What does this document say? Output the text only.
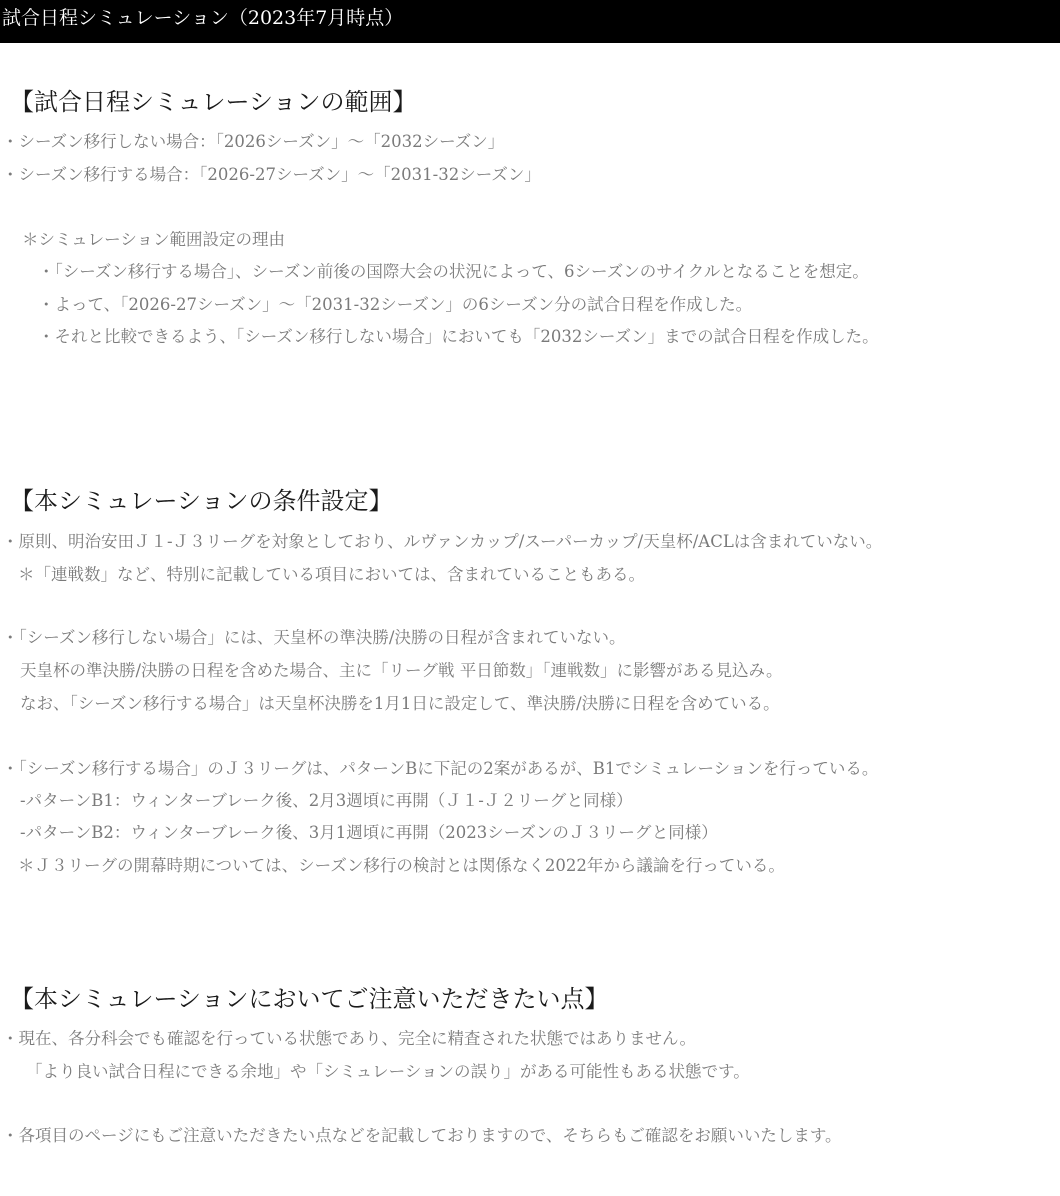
試合日程シミュレーション（2023年7月時点）
【試合日程シミュレーションの範囲】
・シーズン移行しない場合：「2026シーズン」～「2032シーズン」
・シーズン移行する場合：「2026-27シーズン」～「2031-32シーズン」
＊シミュレーション範囲設定の理由
・「シーズン移行する場合」、シーズン前後の国際大会の状況によって、6シーズンのサイクルとなることを想定。
・よって、「2026-27シーズン」～「2031-32シーズン」の6シーズン分の試合日程を作成した。
・それと比較できるよう、「シーズン移行しない場合」においても「2032シーズン」までの試合日程を作成した。
【本シミュレーションの条件設定】
・原則、明治安田Ｊ１-Ｊ３リーグを対象としており、ルヴァンカップ/スーパーカップ/天皇杯/ACLは含まれていない。
＊「連戦数」など、特別に記載している項目においては、含まれていることもある。
・「シーズン移行しない場合」には、天皇杯の準決勝/決勝の日程が含まれていない。
天皇杯の準決勝/決勝の日程を含めた場合、主に「リーグ戦 平日節数」「連戦数」に影響がある見込み。
なお、「シーズン移行する場合」は天皇杯決勝を1月1日に設定して、準決勝/決勝に日程を含めている。
・「シーズン移行する場合」のＪ３リーグは、パターンBに下記の2案があるが、B1でシミュレーションを行っている。
-パターンB1：ウィンターブレーク後、2月3週頃に再開（Ｊ１-Ｊ２リーグと同様）
-パターンB2：ウィンターブレーク後、3月1週頃に再開（2023シーズンのＪ３リーグと同様）
＊Ｊ３リーグの開幕時期については、シーズン移行の検討とは関係なく2022年から議論を行っている。
【本シミュレーションにおいてご注意いただきたい点】
・現在、各分科会でも確認を行っている状態であり、完全に精査された状態ではありません。
「より良い試合日程にできる余地」や「シミュレーションの誤り」がある可能性もある状態です。
・各項目のページにもご注意いただきたい点などを記載しておりますので、そちらもご確認をお願いいたします。
